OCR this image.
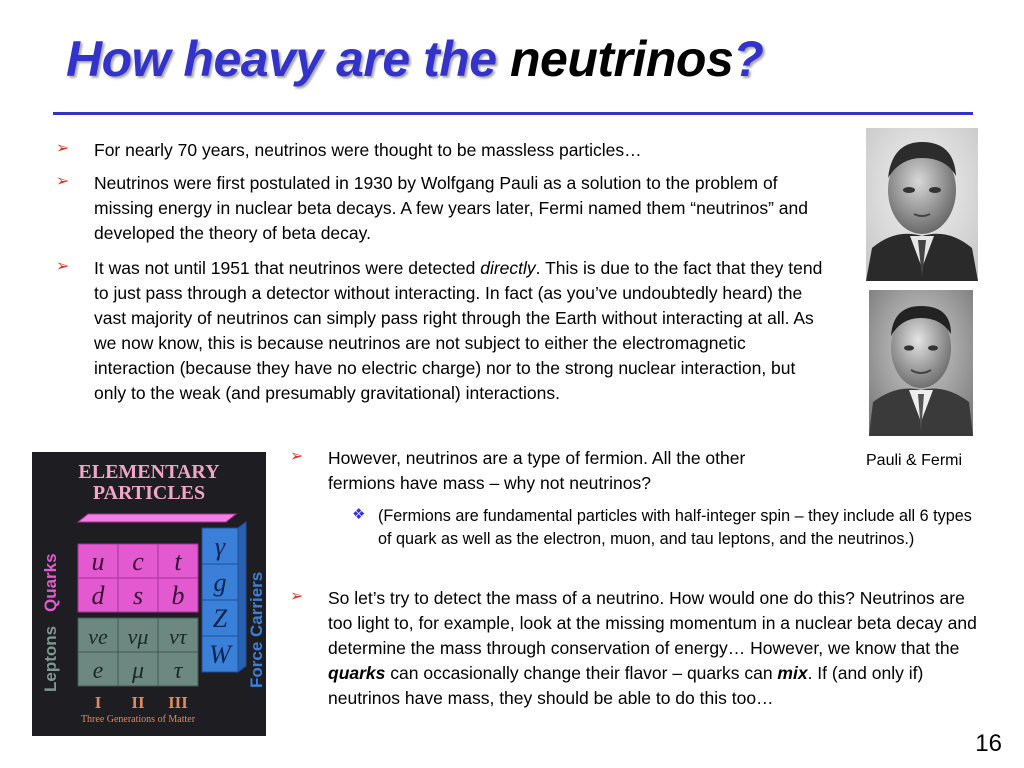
How heavy are the neutrinos?
➢	For nearly 70 years, neutrinos were thought to be massless particles…

➢	Neutrinos were first postulated in 1930 by Wolfgang Pauli as a solution to the problem of missing energy in nuclear beta decays. A few years later, Fermi named them “neutrinos” and developed the theory of beta decay.

➢	It was not until 1951 that neutrinos were detected directly. This is due to the fact that they tend to just pass through a detector without interacting. In fact (as you’ve undoubtedly heard) the vast majority of neutrinos can simply pass right through the Earth without interacting at all. As we now know, this is because neutrinos are not subject to either the electromagnetic interaction (because they have no electric charge) nor to the strong nuclear interaction, but only to the weak (and presumably gravitational) interactions.

➢	However, neutrinos are a type of fermion. All the other fermions have mass – why not neutrinos?

❖ (Fermions are fundamental particles with half-integer spin – they include all 6 types of quark as well as the electron, muon, and tau leptons, and the neutrinos.)

➢	So let’s try to detect the mass of a neutrino. How would one do this? Neutrinos are too light to, for example, look at the missing momentum in a nuclear beta decay and determine the mass through conservation of energy… However, we know that the quarks can occasionally change their flavor – quarks can mix. If (and only if) neutrinos have mass, they should be able to do this too…

Pauli & Fermi
ELEMENTARY
PARTICLES
u c t
d s b
νe νμ ντ
e μ τ
γ
g
Z
W
Quarks
Leptons	Force Carriers
I II III
Three Generations of Matter
16
